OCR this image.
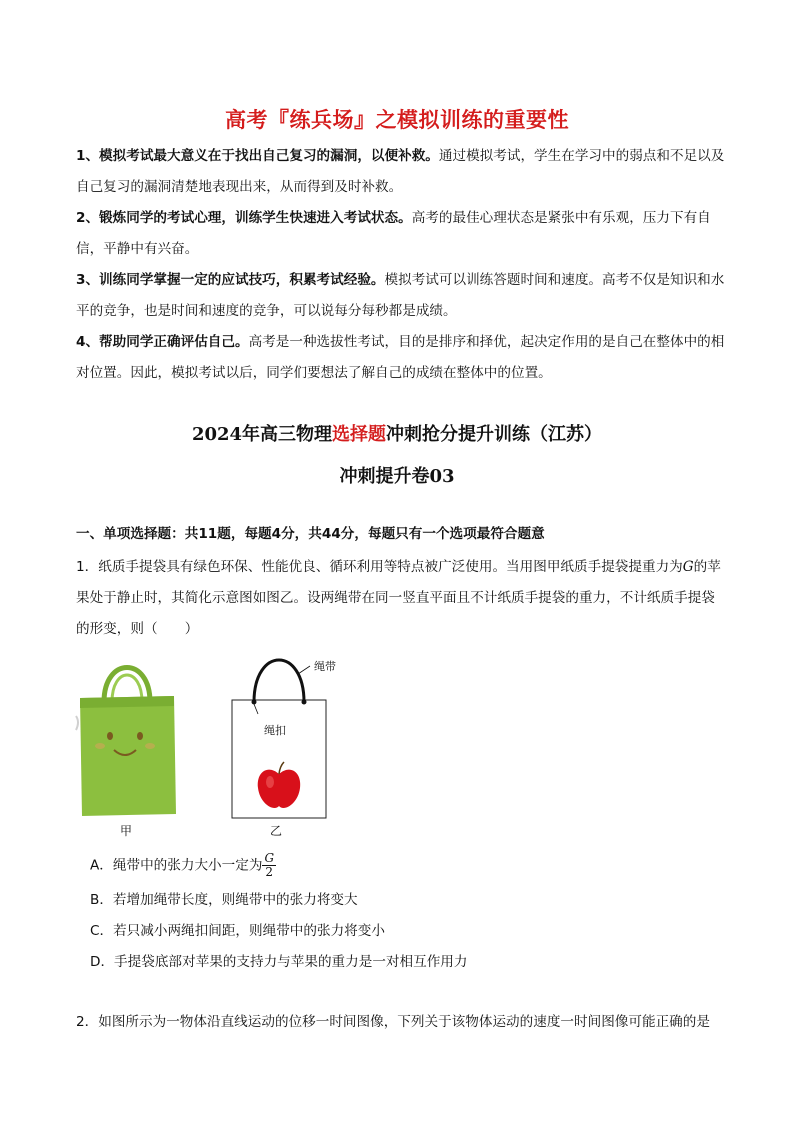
高考『练兵场』之模拟训练的重要性
1、模拟考试最大意义在于找出自己复习的漏洞，以便补救。通过模拟考试，学生在学习中的弱点和不足以及自己复习的漏洞清楚地表现出来，从而得到及时补救。
2、锻炼同学的考试心理，训练学生快速进入考试状态。高考的最佳心理状态是紧张中有乐观，压力下有自信，平静中有兴奋。
3、训练同学掌握一定的应试技巧，积累考试经验。模拟考试可以训练答题时间和速度。高考不仅是知识和水平的竞争，也是时间和速度的竞争，可以说每分每秒都是成绩。
4、帮助同学正确评估自己。高考是一种选拔性考试，目的是排序和择优，起决定作用的是自己在整体中的相对位置。因此，模拟考试以后，同学们要想法了解自己的成绩在整体中的位置。
2024年高三物理选择题冲刺抢分提升训练（江苏）
冲刺提升卷03
一、单项选择题：共11题，每题4分，共44分，每题只有一个选项最符合题意
1．纸质手提袋具有绿色环保、性能优良、循环利用等特点被广泛使用。当用图甲纸质手提袋提重力为G的苹果处于静止时，其简化示意图如图乙。设两绳带在同一竖直平面且不计纸质手提袋的重力，不计纸质手提袋的形变，则（　　）
甲
绳带
绳扣
乙
A．绳带中的张力大小一定为 $\frac{G}{2}$
B．若增加绳带长度，则绳带中的张力将变大
C．若只减小两绳扣间距，则绳带中的张力将变小
D．手提袋底部对苹果的支持力与苹果的重力是一对相互作用力
2．如图所示为一物体沿直线运动的位移一时间图像，下列关于该物体运动的速度一时间图像可能正确的是
